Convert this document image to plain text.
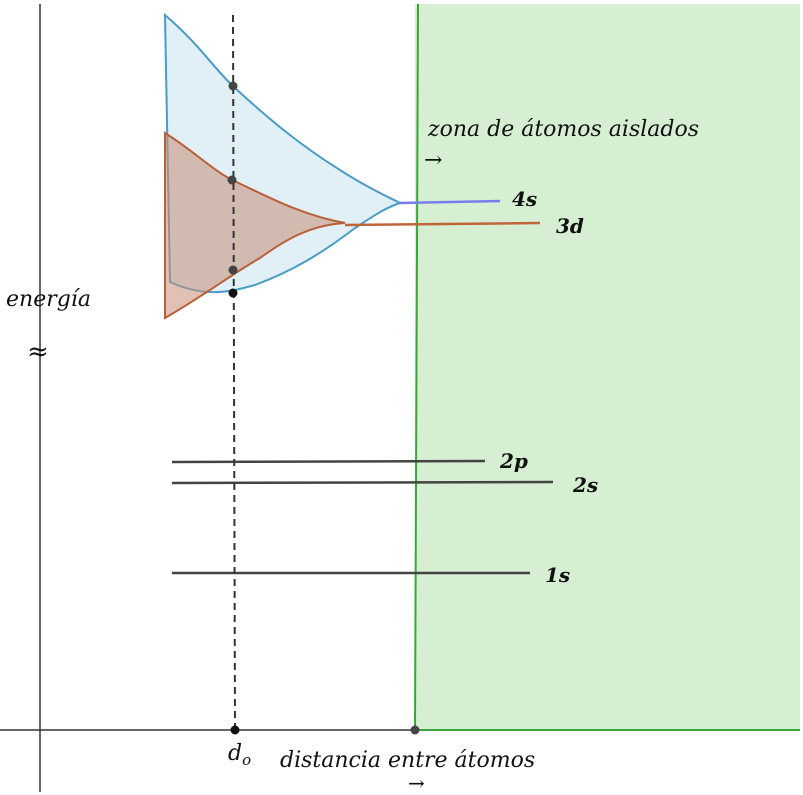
energía
≈
zona de átomos aislados
→
4s
3d
2p
2s
1s
$d_o$ distancia entre átomos
→
